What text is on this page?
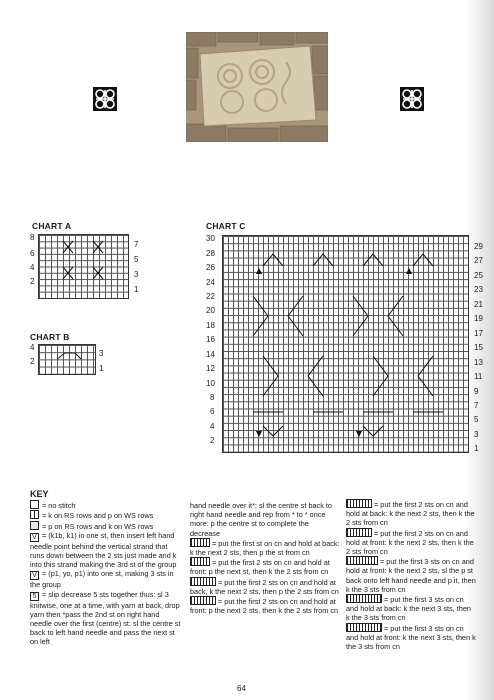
CHART A
8
6
4
2
7
5
3
1
CHART B
4
2
3
1
CHART C
30
28
26
24
22
20
18
16
14
12
10
8
6
4
2
29
27
25
23
21
19
17
15
13
11
9
7
5
3
1
KEY

= no stitch

= k on RS rows and p on WS rows

= p on RS rows and k on WS rows

V = (k1b, k1) in one st, then insert left hand needle point behind the vertical strand that runs down between the 2 sts just made and k into this strand making the 3rd st of the group

V = (p1, yo, p1) into one st, making 3 sts in the group

5 = slip decrease 5 sts together thus: sl 3 knitwise, one at a time, with yarn at back, drop yarn then *pass the 2nd st on right hand needle over the first (centre) st: sl the centre st back to left hand needle and pass the next st on left

hand needle over it*; sl the centre st back to right hand needle and rep from * to * once more: p the centre st to complete the decrease

= put the first st on cn and hold at back: k the next 2 sts, then p the st from cn

= put the first 2 sts on cn and hold at front: p the next st, then k the 2 sts from cn

= put the first 2 sts on cn and hold at back, k the next 2 sts, then p the 2 sts from cn

= put the first 2 sts on cn and hold at front: p the next 2 sts, then k the 2 sts from cn

= put the first 2 sts on cn and hold at back: k the next 2 sts, then k the 2 sts from cn

= put the first 2 sts on cn and hold at front: k the next 2 sts, then k the 2 sts from cn

= put the first 3 sts on cn and hold at front: k the next 2 sts, sl the p st back onto left hand needle and p it, then k the 3 sts from cn

= put the first 3 sts on cn and hold at back: k the next 3 sts, then k the 3 sts from cn

= put the first 3 sts on cn and hold at front: k the next 3 sts, then k the 3 sts from cn

64
